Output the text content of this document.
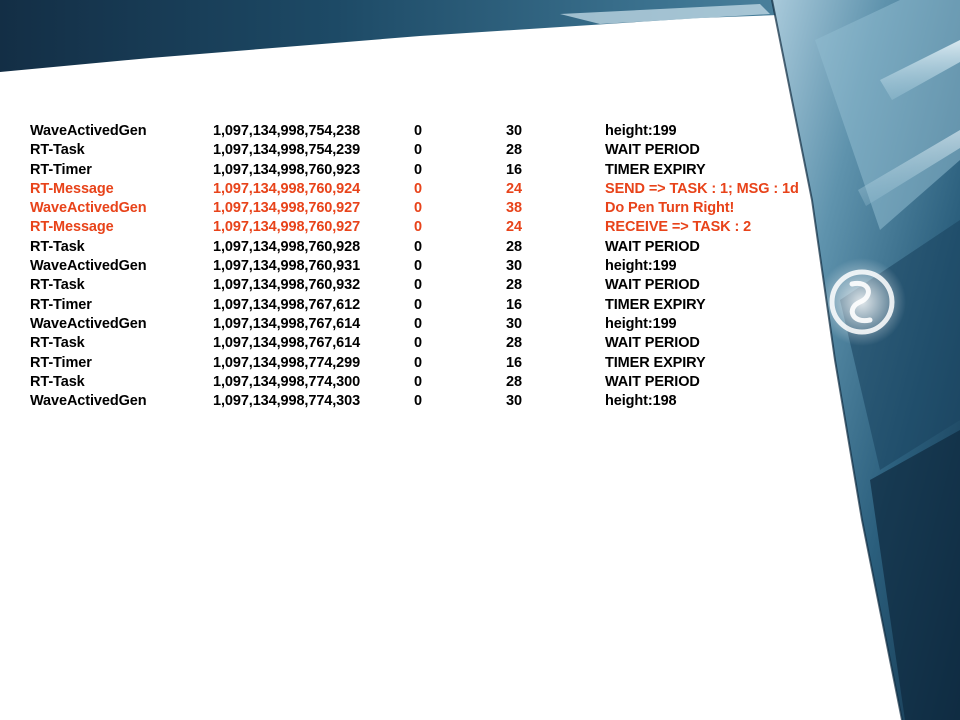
WaveActivedGen	1,097,134,998,754,238	0	30	height:199
RT-Task	1,097,134,998,754,239	0	28	WAIT PERIOD
RT-Timer	1,097,134,998,760,923	0	16	TIMER EXPIRY
RT-Message	1,097,134,998,760,924	0	24	SEND => TASK : 1; MSG : 1d
WaveActivedGen	1,097,134,998,760,927	0	38	Do Pen Turn Right!
RT-Message	1,097,134,998,760,927	0	24	RECEIVE => TASK : 2
RT-Task	1,097,134,998,760,928	0	28	WAIT PERIOD
WaveActivedGen	1,097,134,998,760,931	0	30	height:199
RT-Task	1,097,134,998,760,932	0	28	WAIT PERIOD
RT-Timer	1,097,134,998,767,612	0	16	TIMER EXPIRY
WaveActivedGen	1,097,134,998,767,614	0	30	height:199
RT-Task	1,097,134,998,767,614	0	28	WAIT PERIOD
RT-Timer	1,097,134,998,774,299	0	16	TIMER EXPIRY
RT-Task	1,097,134,998,774,300	0	28	WAIT PERIOD
WaveActivedGen	1,097,134,998,774,303	0	30	height:198
